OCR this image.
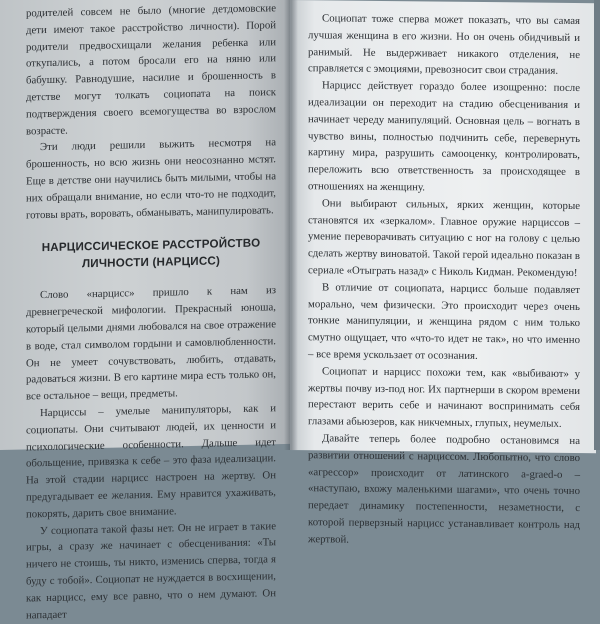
родителей совсем не было (многие детдомовские дети имеют такое расстройство личности). Порой родители предвосхищали желания ребенка или откупались, а потом бросали его на няню или бабушку. Равнодушие, насилие и брошенность в детстве могут толкать социопата на поиск подтверждения своего всемогущества во взрослом возрасте.

Эти люди решили выжить несмотря на брошенность, но всю жизнь они неосознанно мстят. Еще в детстве они научились быть милыми, чтобы на них обращали внимание, но если что-то не подходит, готовы врать, воровать, обманывать, манипулировать.

НАРЦИССИЧЕСКОЕ РАССТРОЙСТВО ЛИЧНОСТИ (НАРЦИСС)

Слово «нарцисс» пришло к нам из древнегреческой мифологии. Прекрасный юноша, который целыми днями любовался на свое отражение в воде, стал символом гордыни и самовлюбленности. Он не умеет сочувствовать, любить, отдавать, радоваться жизни. В его картине мира есть только он, все остальное – вещи, предметы.

Нарциссы – умелые манипуляторы, как и социопаты. Они считывают людей, их ценности и психологические особенности. Дальше идет обольщение, привязка к себе – это фаза идеализации. На этой стадии нарцисс настроен на жертву. Он предугадывает ее желания. Ему нравится ухаживать, покорять, дарить свое внимание.

У социопата такой фазы нет. Он не играет в такие игры, а сразу же начинает с обесценивания: «Ты ничего не стоишь, ты никто, изменись сперва, тогда я буду с тобой». Социопат не нуждается в восхищении, как нарцисс, ему все равно, что о нем думают. Он нападает

Социопат тоже сперва может показать, что вы самая лучшая женщина в его жизни. Но он очень обидчивый и ранимый. Не выдерживает никакого отделения, не справляется с эмоциями, превозносит свои страдания.

Нарцисс действует гораздо более изощренно: после идеализации он переходит на стадию обесценивания и начинает череду манипуляций. Основная цель – вогнать в чувство вины, полностью подчинить себе, перевернуть картину мира, разрушить самооценку, контролировать, переложить всю ответственность за происходящее в отношениях на женщину.

Они выбирают сильных, ярких женщин, которые становятся их «зеркалом». Главное оружие нарциссов – умение переворачивать ситуацию с ног на голову с целью сделать жертву виноватой. Такой герой идеально показан в сериале «Отыграть назад» с Николь Кидман. Рекомендую!

В отличие от социопата, нарцисс больше подавляет морально, чем физически. Это происходит через очень тонкие манипуляции, и женщина рядом с ним только смутно ощущает, что «что-то идет не так», но что именно – все время ускользает от осознания.

Социопат и нарцисс похожи тем, как «выбивают» у жертвы почву из-под ног. Их партнерши в скором времени перестают верить себе и начинают воспринимать себя глазами абьюзеров, как никчемных, глупых, неумелых.

Давайте теперь более подробно остановимся на развитии отношений с нарциссом. Любопытно, что слово «агрессор» происходит от латинского a-graed-o – «наступаю, вхожу маленькими шагами», что очень точно передает динамику постепенности, незаметности, с которой перверзный нарцисс устанавливает контроль над жертвой.
